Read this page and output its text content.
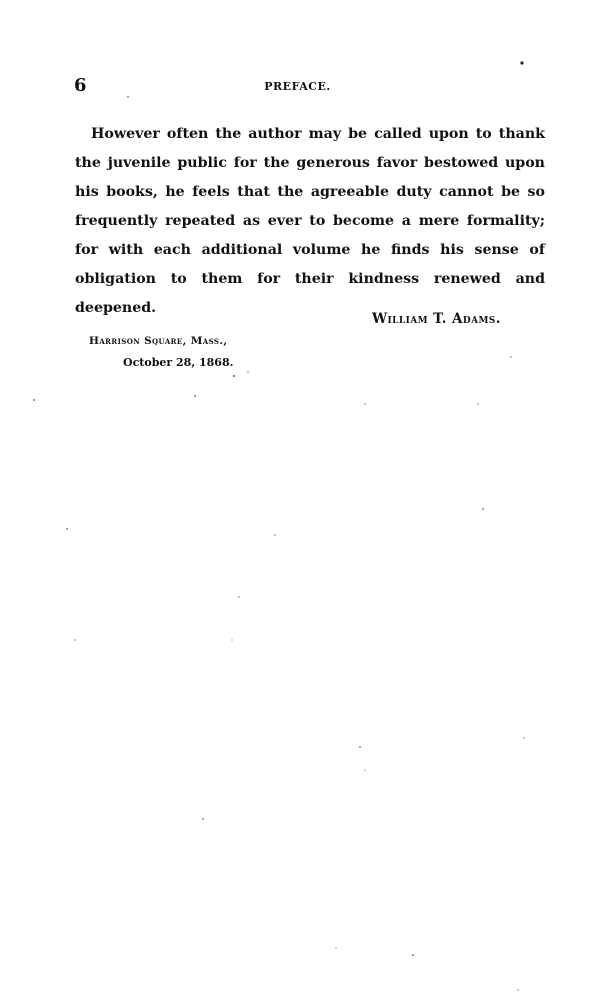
6	PREFACE.

However often the author may be called upon to thank the juvenile public for the generous favor bestowed upon his books, he feels that the agreeable duty cannot be so frequently repeated as ever to become a mere formality; for with each additional volume he finds his sense of obligation to them for their kindness renewed and deepened.

William T. Adams.
Harrison Square, Mass.,
October 28, 1868.
